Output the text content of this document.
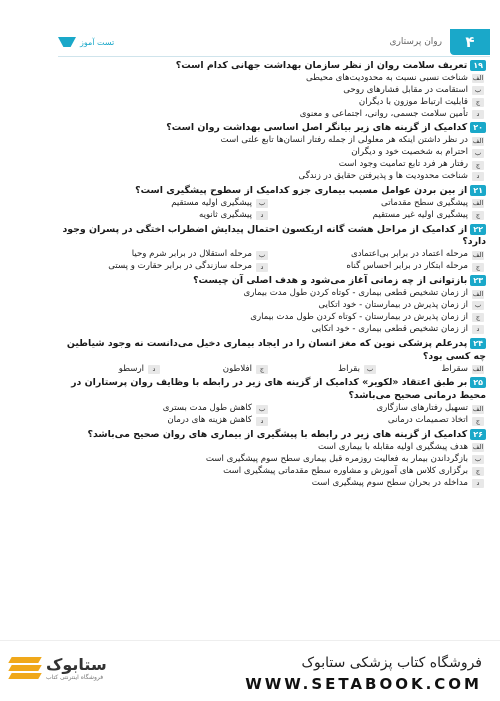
۴
روان پرستاری
تست آموز
۱۹تعریف سلامت روان از نظر سازمان بهداشت جهانی کدام است؟
الف
شناخت نسبی نسبت به محدودیت‌های محیطی
ب
استقامت در مقابل فشارهای روحی
ج
قابلیت ارتباط موزون با دیگران
د
تأمین سلامت جسمی، روانی، اجتماعی و معنوی
۲۰کدامیک از گزینه های زیر بیانگر اصل اساسی بهداشت روان است؟
الف
در نظر داشتن اینکه هر معلولی از جمله رفتار انسان‌ها تابع علتی است
ب
احترام به شخصیت خود و دیگران
ج
رفتار هر فرد تابع تمامیت وجود است
د
شناخت محدودیت ها و پذیرفتن حقایق در زندگی
۲۱از بین بردن عوامل مسبب بیماری جزو کدامیک از سطوح پیشگیری است؟
الف
پیشگیری سطح مقدماتی
ب
پیشگیری اولیه مستقیم
ج
پیشگیری اولیه غیر مستقیم
د
پیشگیری ثانویه
۲۲از کدامیک از مراحل هشت گانه اریکسون احتمال پیدایش اضطراب اختگی در پسران وجود دارد؟
الف
مرحله اعتماد در برابر بی‌اعتمادی
ب
مرحله استقلال در برابر شرم وحیا
ج
مرحله ابتکار در برابر احساس گناه
د
مرحله سازندگی در برابر حقارت و پستی
۲۳بازتوانی از چه زمانی آغاز می‌شود و هدف اصلی آن چیست؟
الف
از زمان تشخیص قطعی بیماری - کوتاه کردن طول مدت بیماری
ب
از زمان پذیرش در بیمارستان - خود اتکایی
ج
از زمان پذیرش در بیمارستان - کوتاه کردن طول مدت بیماری
د
از زمان تشخیص قطعی بیماری - خود اتکایی
۲۴پدرعلم پزشکی نوین که مغز انسان را در ایجاد بیماری دخیل می‌دانست نه وجود شیاطین چه کسی بود؟
الف
سقراط
ب
بقراط
ج
افلاطون
د
ارسطو
۲۵بر طبق اعتقاد «لکویر» کدامیک از گزینه های زیر در رابطه با وظایف روان پرستاران در محیط درمانی صحیح می‌باشد؟
الف
تسهیل رفتارهای سازگاری
ب
کاهش طول مدت بستری
ج
اتخاذ تصمیمات درمانی
د
کاهش هزینه های درمان
۲۶کدامیک از گزینه های زیر در رابطه با پیشگیری از بیماری های روان صحیح می‌باشد؟
الف
هدف پیشگیری اولیه مقابله با بیماری است
ب
بازگرداندن بیمار به فعالیت روزمره قبل بیماری سطح سوم پیشگیری است
ج
برگزاری کلاس های آموزش و مشاوره سطح مقدماتی پیشگیری است
د
مداخله در بحران سطح سوم پیشگیری است
ستابوک
فروشگاه اینترنتی کتاب
فروشگاه کتاب پزشکی ستابوک
WWW.SETABOOK.COM
